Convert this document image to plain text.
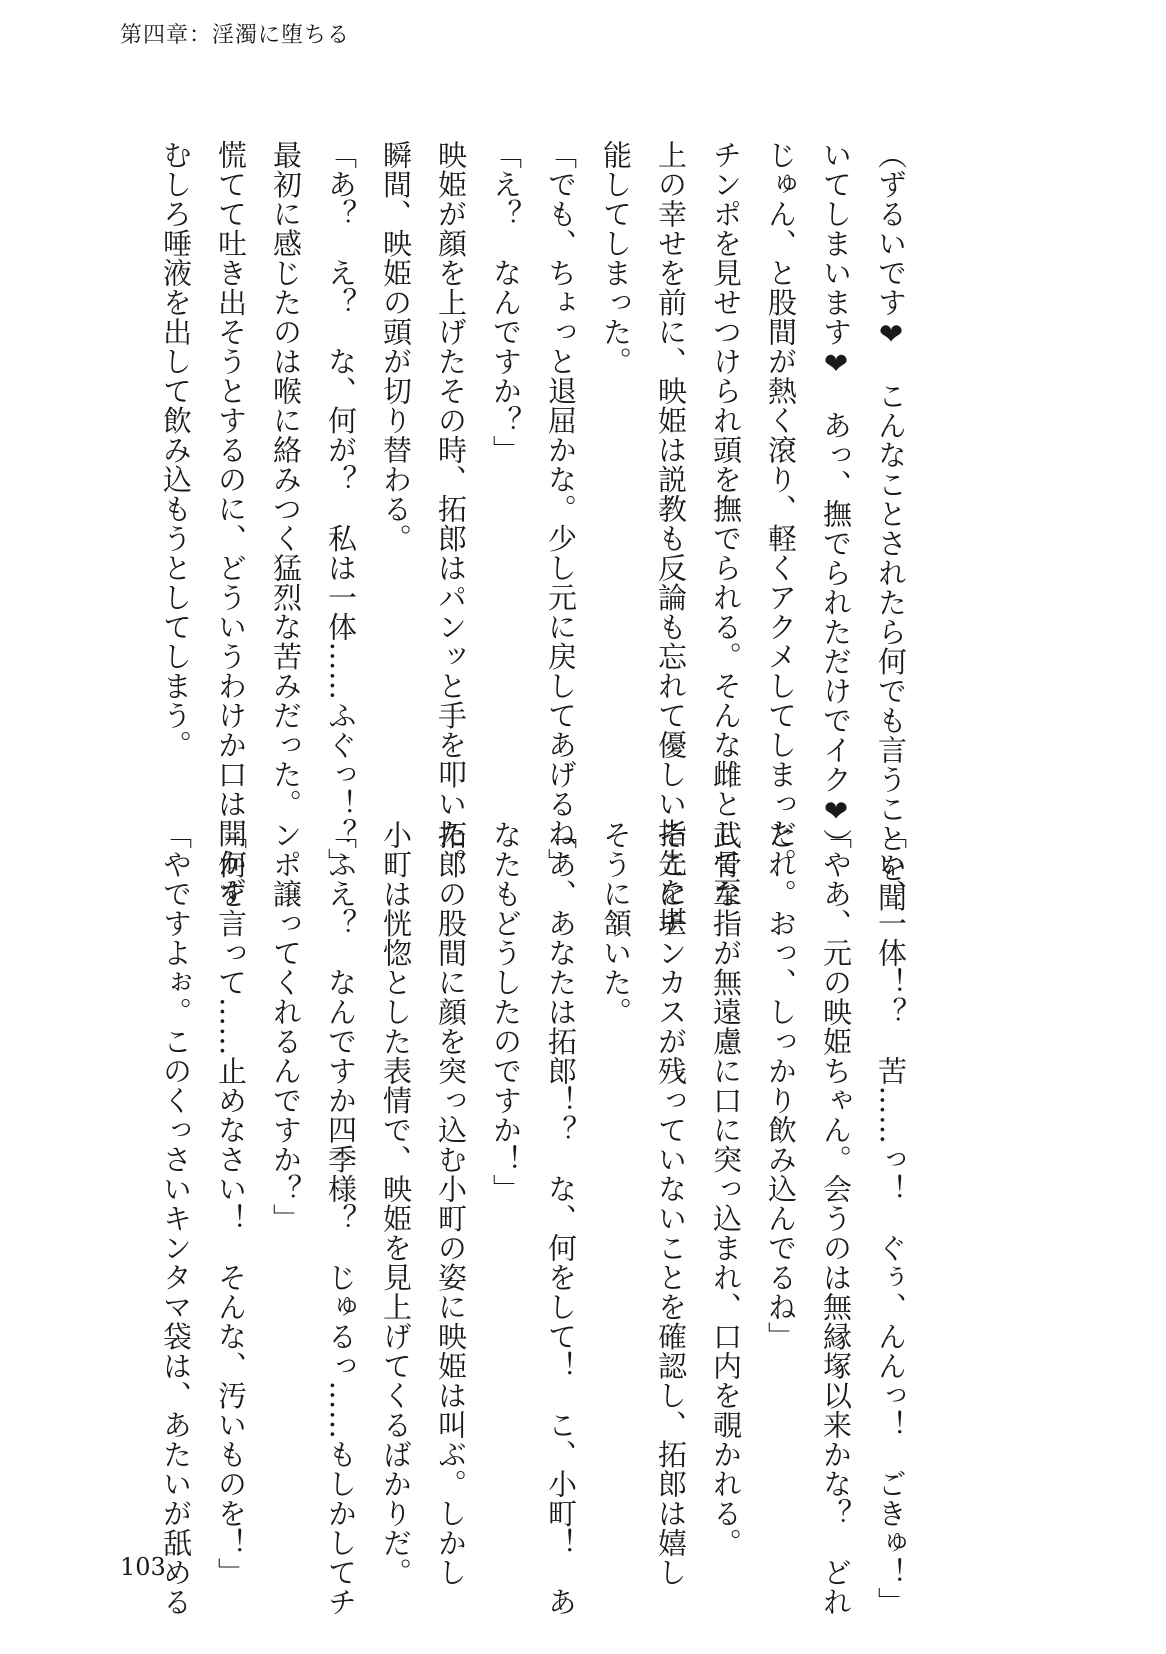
第四章：淫濁に堕ちる
（ずるいです❤　こんなことされたら何でも言うことを聞
いてしまいます❤　あっ、撫でられただけでイク❤）
じゅん、と股間が熱く滾り、軽くアクメしてしまった。
チンポを見せつけられ頭を撫でられる。そんな雌として至
上の幸せを前に、映姫は説教も反論も忘れて優しい指先を堪
能してしまった。
「でも、ちょっと退屈かな。少し元に戻してあげるね」
「え？　なんですか？」
映姫が顔を上げたその時、拓郎はパンッと手を叩いた。
瞬間、映姫の頭が切り替わる。
「あ？　え？　な、何が？　私は一体……ふぐっ！？」
最初に感じたのは喉に絡みつく猛烈な苦みだった。
慌てて吐き出そうとするのに、どういうわけか口は開かず
むしろ唾液を出して飲み込もうとしてしまう。
「い、一体！？　苦……っ！　ぐぅ、んんっ！　ごきゅ！」
「やあ、元の映姫ちゃん。会うのは無縁塚以来かな？　どれ
どれ。おっ、しっかり飲み込んでるね」
武骨な指が無遠慮に口に突っ込まれ、口内を覗かれる。
そこにチンカスが残っていないことを確認し、拓郎は嬉し
そうに頷いた。
「あ、あなたは拓郎！？　な、何をして！　こ、小町！　あ
なたもどうしたのですか！」
拓郎の股間に顔を突っ込む小町の姿に映姫は叫ぶ。しかし
小町は恍惚とした表情で、映姫を見上げてくるばかりだ。
「ふえ？　なんですか四季様？　じゅるっ……もしかしてチ
ンポ譲ってくれるんですか？」
「何を言って……止めなさい！　そんな、汚いものを！」
「やですよぉ。このくっさいキンタマ袋は、あたいが舐める
103
